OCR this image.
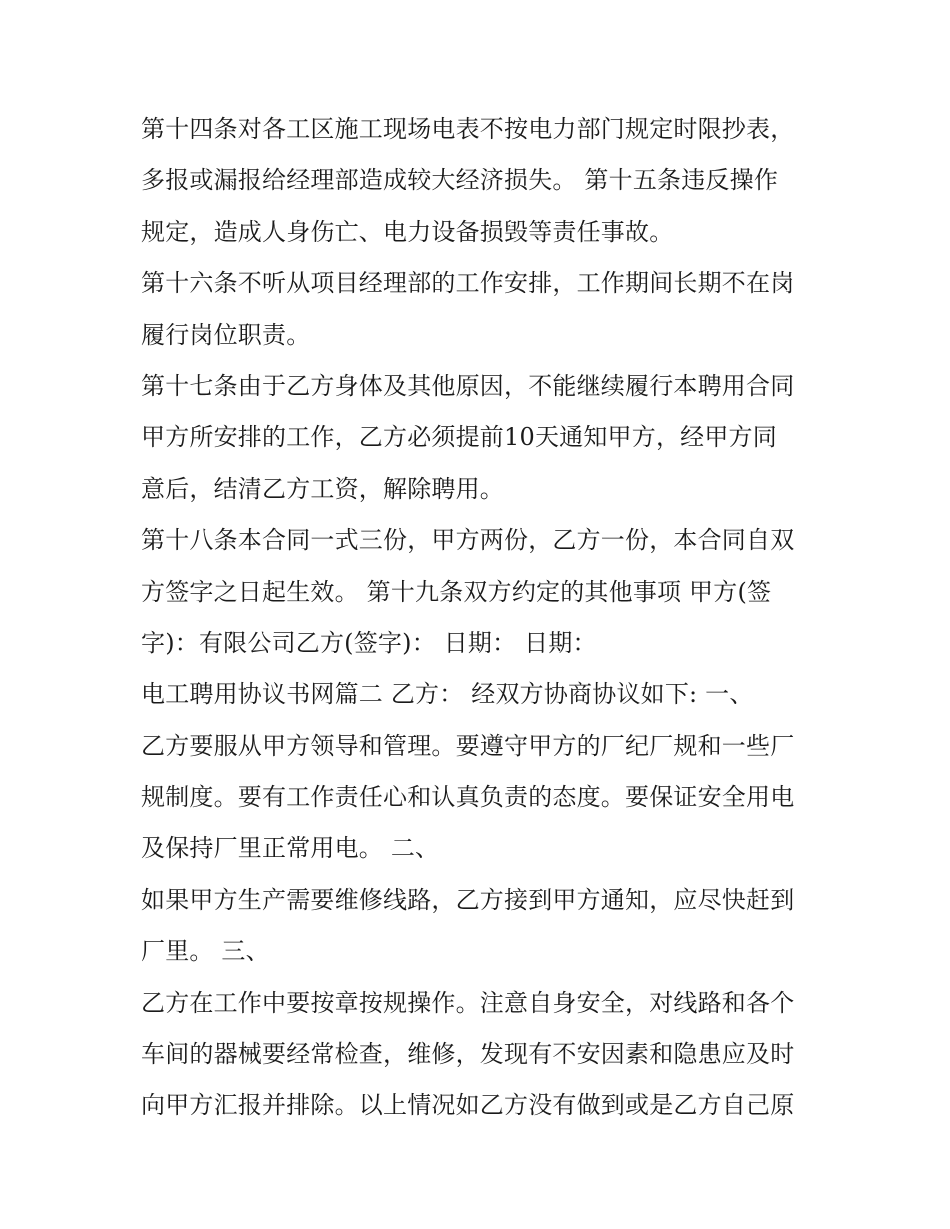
第十四条对各工区施工现场电表不按电力部门规定时限抄表，
多报或漏报给经理部造成较大经济损失。 第十五条违反操作
规定，造成人身伤亡、电力设备损毁等责任事故。
第十六条不听从项目经理部的工作安排，工作期间长期不在岗
履行岗位职责。
第十七条由于乙方身体及其他原因，不能继续履行本聘用合同
甲方所安排的工作，乙方必须提前10天通知甲方，经甲方同
意后，结清乙方工资，解除聘用。
第十八条本合同一式三份，甲方两份，乙方一份，本合同自双
方签字之日起生效。 第十九条双方约定的其他事项 甲方(签
字)：有限公司乙方(签字)： 日期： 日期：
电工聘用协议书网篇二 乙方： 经双方协商协议如下: 一、
乙方要服从甲方领导和管理。要遵守甲方的厂纪厂规和一些厂
规制度。要有工作责任心和认真负责的态度。要保证安全用电
及保持厂里正常用电。 二、
如果甲方生产需要维修线路，乙方接到甲方通知，应尽快赶到
厂里。 三、
乙方在工作中要按章按规操作。注意自身安全，对线路和各个
车间的器械要经常检查，维修，发现有不安因素和隐患应及时
向甲方汇报并排除。以上情况如乙方没有做到或是乙方自己原
